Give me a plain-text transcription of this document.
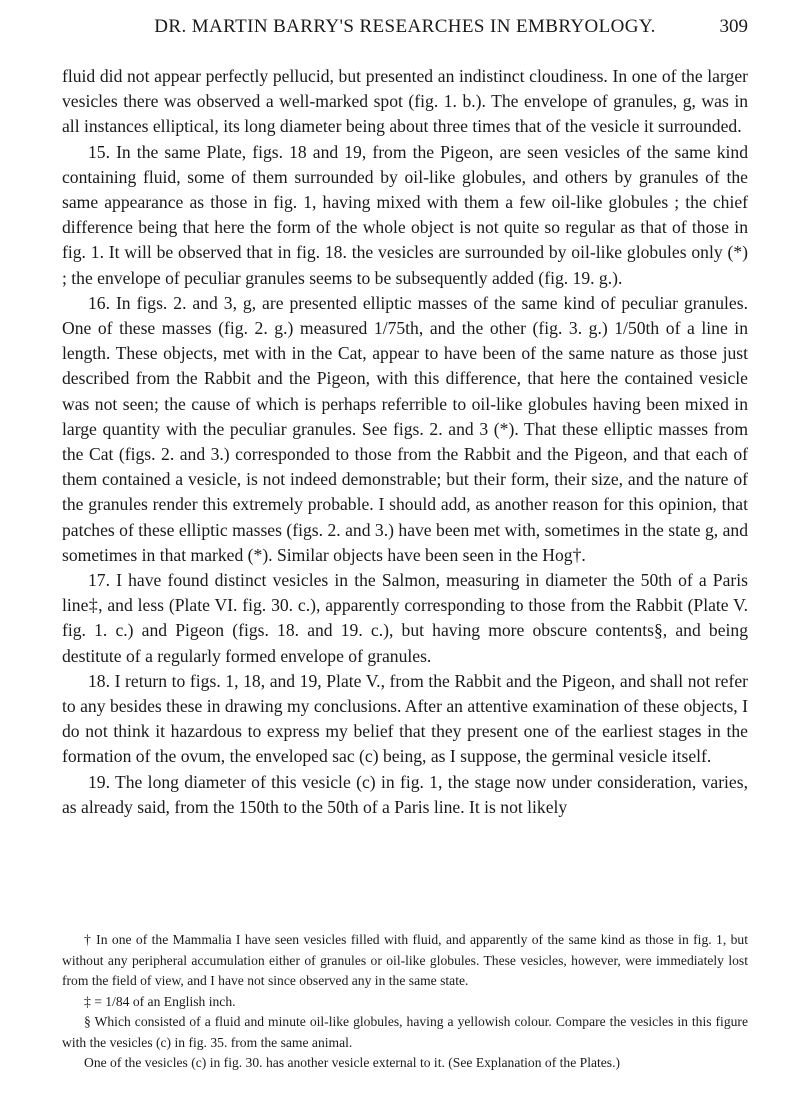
DR. MARTIN BARRY'S RESEARCHES IN EMBRYOLOGY.	309

fluid did not appear perfectly pellucid, but presented an indistinct cloudiness. In one of the larger vesicles there was observed a well-marked spot (fig. 1. b.). The envelope of granules, g, was in all instances elliptical, its long diameter being about three times that of the vesicle it surrounded.

15. In the same Plate, figs. 18 and 19, from the Pigeon, are seen vesicles of the same kind containing fluid, some of them surrounded by oil-like globules, and others by granules of the same appearance as those in fig. 1, having mixed with them a few oil-like globules ; the chief difference being that here the form of the whole object is not quite so regular as that of those in fig. 1. It will be observed that in fig. 18. the vesicles are surrounded by oil-like globules only (*) ; the envelope of peculiar granules seems to be subsequently added (fig. 19. g.).

16. In figs. 2. and 3, g, are presented elliptic masses of the same kind of peculiar granules. One of these masses (fig. 2. g.) measured 1/75th, and the other (fig. 3. g.) 1/50th of a line in length. These objects, met with in the Cat, appear to have been of the same nature as those just described from the Rabbit and the Pigeon, with this difference, that here the contained vesicle was not seen; the cause of which is perhaps referrible to oil-like globules having been mixed in large quantity with the peculiar granules. See figs. 2. and 3 (*). That these elliptic masses from the Cat (figs. 2. and 3.) corresponded to those from the Rabbit and the Pigeon, and that each of them contained a vesicle, is not indeed demonstrable; but their form, their size, and the nature of the granules render this extremely probable. I should add, as another reason for this opinion, that patches of these elliptic masses (figs. 2. and 3.) have been met with, sometimes in the state g, and sometimes in that marked (*). Similar objects have been seen in the Hog†.

17. I have found distinct vesicles in the Salmon, measuring in diameter the 50th of a Paris line‡, and less (Plate VI. fig. 30. c.), apparently corresponding to those from the Rabbit (Plate V. fig. 1. c.) and Pigeon (figs. 18. and 19. c.), but having more obscure contents§, and being destitute of a regularly formed envelope of granules.

18. I return to figs. 1, 18, and 19, Plate V., from the Rabbit and the Pigeon, and shall not refer to any besides these in drawing my conclusions. After an attentive examination of these objects, I do not think it hazardous to express my belief that they present one of the earliest stages in the formation of the ovum, the enveloped sac (c) being, as I suppose, the germinal vesicle itself.

19. The long diameter of this vesicle (c) in fig. 1, the stage now under consideration, varies, as already said, from the 150th to the 50th of a Paris line. It is not likely

† In one of the Mammalia I have seen vesicles filled with fluid, and apparently of the same kind as those in fig. 1, but without any peripheral accumulation either of granules or oil-like globules. These vesicles, however, were immediately lost from the field of view, and I have not since observed any in the same state.

‡ = 1/84 of an English inch.

§ Which consisted of a fluid and minute oil-like globules, having a yellowish colour. Compare the vesicles in this figure with the vesicles (c) in fig. 35. from the same animal.

One of the vesicles (c) in fig. 30. has another vesicle external to it. (See Explanation of the Plates.)
